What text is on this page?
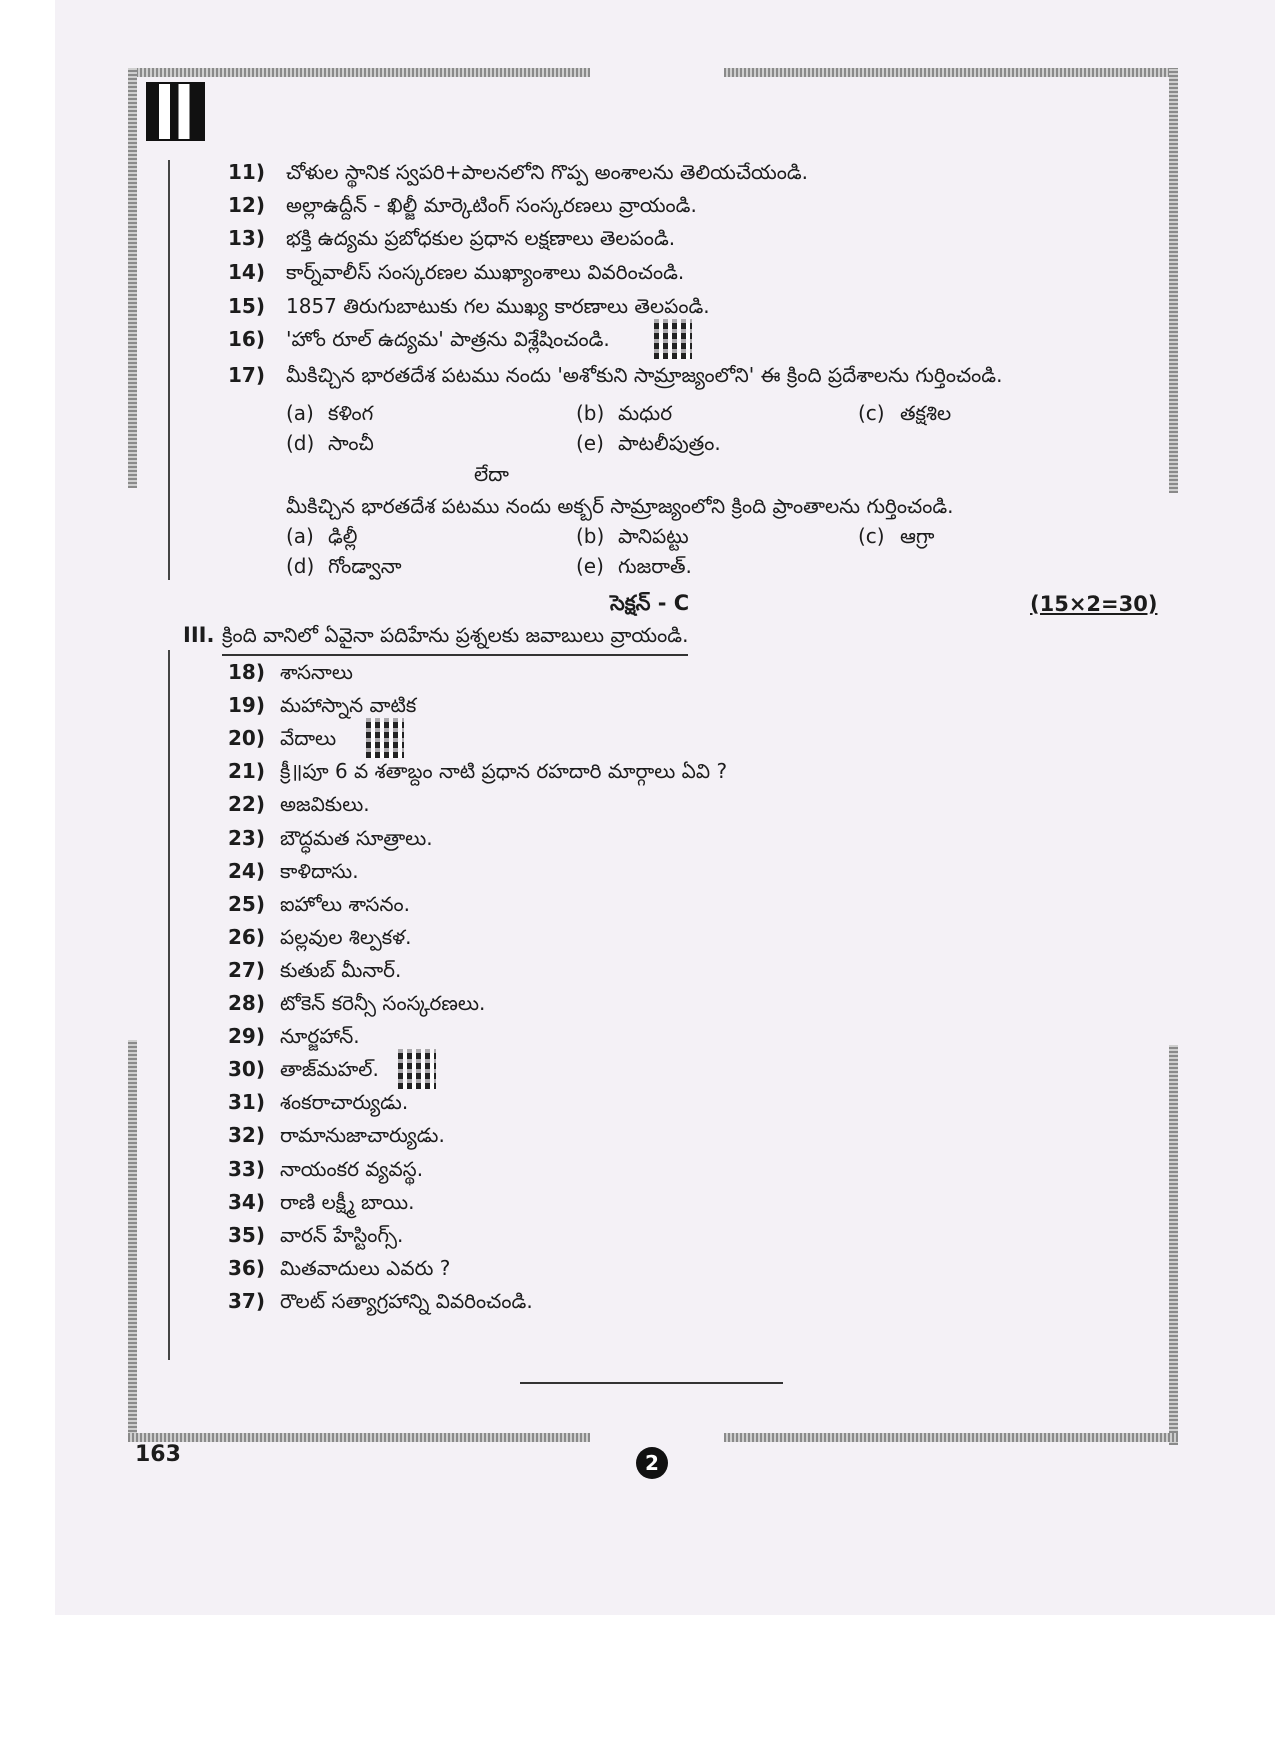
11) చోళుల స్థానిక స్వపరి+పాలనలోని గొప్ప అంశాలను తెలియచేయండి.
12) అల్లాఉద్దీన్ - ఖిల్జీ మార్కెటింగ్ సంస్కరణలు వ్రాయండి.
13) భక్తి ఉద్యమ ప్రబోధకుల ప్రధాన లక్షణాలు తెలపండి.
14) కార్న్‌వాలీస్ సంస్కరణల ముఖ్యాంశాలు వివరించండి.
15) 1857 తిరుగుబాటుకు గల ముఖ్య కారణాలు తెలపండి.
16) 'హోం రూల్ ఉద్యమ' పాత్రను విశ్లేషించండి.
17) మీకిచ్చిన భారతదేశ పటము నందు 'అశోకుని సామ్రాజ్యంలోని' ఈ క్రింది ప్రదేశాలను గుర్తించండి.
(a) కళింగ	(b) మధుర	(c) తక్షశిల
(d) సాంచీ	(e) పాటలీపుత్రం.
లేదా
మీకిచ్చిన భారతదేశ పటము నందు అక్బర్ సామ్రాజ్యంలోని క్రింది ప్రాంతాలను గుర్తించండి.
(a) ఢిల్లీ	(b) పానిపట్టు	(c) ఆగ్రా
(d) గోండ్వానా	(e) గుజరాత్.
సెక్షన్ - C	(15×2=30)
III. క్రింది వానిలో ఏవైనా పదిహేను ప్రశ్నలకు జవాబులు వ్రాయండి.
18) శాసనాలు
19) మహాస్నాన వాటిక
20) వేదాలు
21) క్రీ॥పూ 6 వ శతాబ్దం నాటి ప్రధాన రహదారి మార్గాలు ఏవి ?
22) అజవికులు.
23) బౌద్ధమత సూత్రాలు.
24) కాళిదాసు.
25) ఐహోలు శాసనం.
26) పల్లవుల శిల్పకళ.
27) కుతుబ్ మీనార్.
28) టోకెన్ కరెన్సీ సంస్కరణలు.
29) నూర్జహాన్.
30) తాజ్‌మహల్.
31) శంకరాచార్యుడు.
32) రామానుజాచార్యుడు.
33) నాయంకర వ్యవస్థ.
34) రాణి లక్ష్మీ బాయి.
35) వారన్ హేస్టింగ్స్.
36) మితవాదులు ఎవరు ?
37) రౌలట్ సత్యాగ్రహాన్ని వివరించండి.
163	2
